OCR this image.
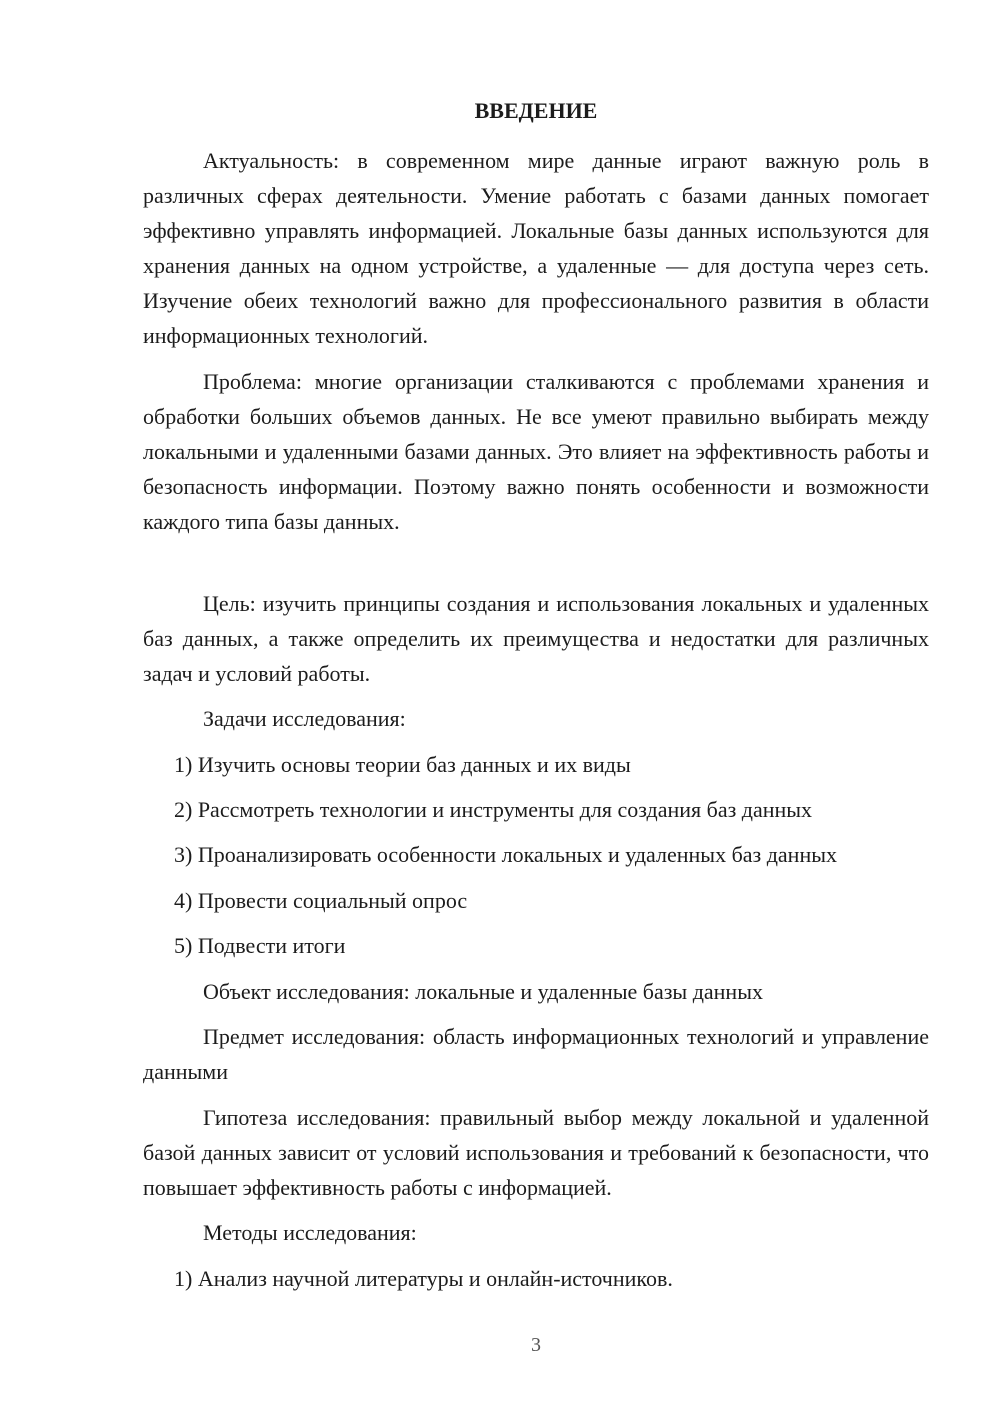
ВВЕДЕНИЕ

Актуальность: в современном мире данные играют важную роль в различных сферах деятельности. Умение работать с базами данных помогает эффективно управлять информацией. Локальные базы данных используются для хранения данных на одном устройстве, а удаленные — для доступа через сеть. Изучение обеих технологий важно для профессионального развития в области информационных технологий.

Проблема: многие организации сталкиваются с проблемами хранения и обработки больших объемов данных. Не все умеют правильно выбирать между локальными и удаленными базами данных. Это влияет на эффективность работы и безопасность информации. Поэтому важно понять особенности и возможности каждого типа базы данных.

Цель: изучить принципы создания и использования локальных и удаленных баз данных, а также определить их преимущества и недостатки для различных задач и условий работы.

Задачи исследования:

1) Изучить основы теории баз данных и их виды

2) Рассмотреть технологии и инструменты для создания баз данных

3) Проанализировать особенности локальных и удаленных баз данных

4) Провести социальный опрос

5) Подвести итоги

Объект исследования: локальные и удаленные базы данных

Предмет исследования: область информационных технологий и управление данными

Гипотеза исследования: правильный выбор между локальной и удаленной базой данных зависит от условий использования и требований к безопасности, что повышает эффективность работы с информацией.

Методы исследования:

1) Анализ научной литературы и онлайн-источников.

3
